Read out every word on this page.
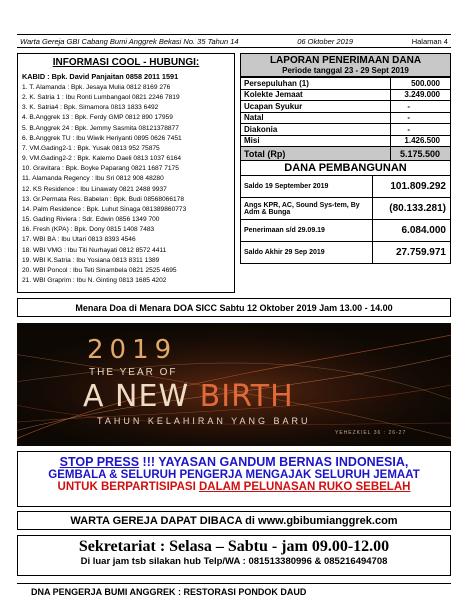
Warta Gereja GBI Cabang Bumi Anggrek Bekasi No. 35 Tahun 14	06 Oktober 2019	Halaman 4
INFORMASI COOL - HUBUNGI:
KABID : Bpk. David Panjaitan 0858 2011 1591
1. T. Alamanda : Bpk. Jesaya Mulia 0812 8169 276
2. K. Satria 1 : Ibu Ronti Lumbangaol 0821 2246 7819
3. K. Satria4 : Bpk. Simamora 0813 1833 6492
4. B.Anggrek 13 : Bpk. Ferdy GMP 0812 890 17959
5. B.Anggrek 24 : Bpk. Jemmy Sasmita 08121378877
6. B.Anggrek TU : Ibu Wiwik Heriyanti 0895 0626 7451
7. VM.Gading2-1 : Bpk. Yusak 0813 952 75875
9. VM.Gading2-2 : Bpk. Kalemo Daeli 0813 1037 6164
10. Gravitara : Bpk. Boyke Paparang 0821 1687 7175
11. Alamanda Regency : Ibu Sri 0812 908 48280
12. KS Residence : Ibu Linawaty 0821 2488 9937
13. Gr.Permata Res. Babelan : Bpk. Budi 08568066178
14. Palm Residence : Bpk. Luhut Sinaga 081389860773
15. Gading Riviera : Sdr. Edwin 0856 1349 700
16. Fresh (KPA) : Bpk. Dony 0815 1408 7483
17. WBI BA : Ibu Utari 0813 8393 4546
18. WBI VMG : Ibu Titi Nurhayati 0812 8572 4411
19. WBI K.Satria : Ibu Yosiana 0813 8311 1389
20. WBI Poncol : Ibu Teti Sinambela 0821 2525 4695
21. WBI Graprim : Ibu N. Ginting 0813 1685 4202
LAPORAN PENERIMAAN DANA
Periode tanggal 23 - 29 Sept 2019
Persepuluhan (1)	500.000
Kolekte Jemaat	3.249.000
Ucapan Syukur	-
Natal	-
Diakonia	-
Misi	1.426.500
Total (Rp)	5.175.500
DANA PEMBANGUNAN
Saldo 19 September 2019	101.809.292
Angs KPR, AC, Sound Sys-tem, By Adm & Bunga	(80.133.281)
Penerimaan s/d 29.09.19	6.084.000
Saldo Akhir 29 Sep 2019	27.759.971
Menara Doa di Menara DOA SICC Sabtu 12 Oktober 2019 Jam 13.00 - 14.00
2019
THE YEAR OF
A NEW BIRTH
TAHUN KELAHIRAN YANG BARU
YEHEZKIEL 36 : 26-27
STOP PRESS !!! YAYASAN GANDUM BERNAS INDONESIA,
GEMBALA & SELURUH PENGERJA MENGAJAK SELURUH JEMAAT
UNTUK BERPARTISIPASI DALAM PELUNASAN RUKO SEBELAH
WARTA GEREJA DAPAT DIBACA di www.gbibumianggrek.com
Sekretariat : Selasa – Sabtu - jam 09.00-12.00
Di luar jam tsb silakan hub Telp/WA : 081513380996 & 085216494708
DNA PENGERJA BUMI ANGGREK : RESTORASI PONDOK DAUD
